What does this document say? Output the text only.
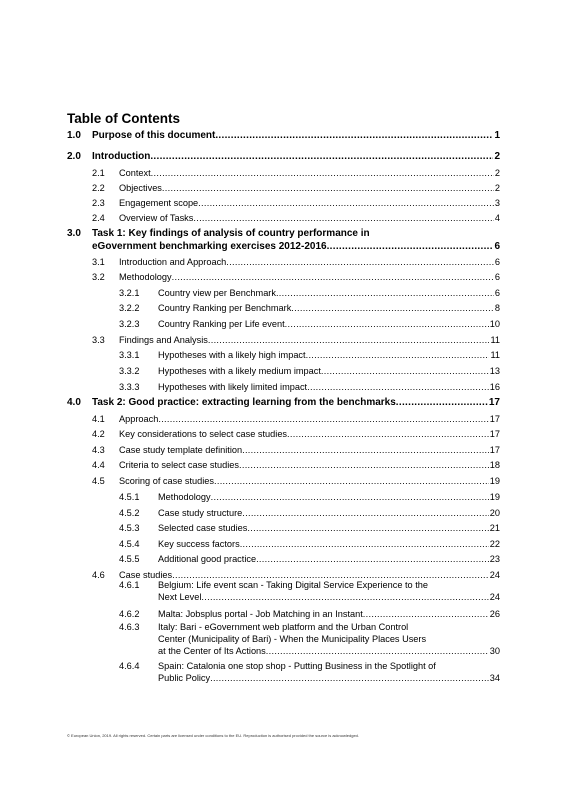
Table of Contents
1.0 Purpose of this document .....	1
2.0 Introduction .....	2
2.1 Context .....	2
2.2 Objectives .....	2
2.3 Engagement scope .....	3
2.4 Overview of Tasks .....	4
3.0 Task 1: Key findings of analysis of country performance in
eGovernment benchmarking exercises 2012-2016 .....	6
3.1 Introduction and Approach .....	6
3.2 Methodology .....	6
3.2.1 Country view per Benchmark .....	6
3.2.2 Country Ranking per Benchmark .....	8
3.2.3 Country Ranking per Life event .....	10
3.3 Findings and Analysis .....	11
3.3.1 Hypotheses with a likely high impact .....	11
3.3.2 Hypotheses with a likely medium impact .....	13
3.3.3 Hypotheses with likely limited impact .....	16
4.0 Task 2: Good practice: extracting learning from the benchmarks .....	17
4.1 Approach .....	17
4.2 Key considerations to select case studies .....	17
4.3 Case study template definition .....	17
4.4 Criteria to select case studies .....	18
4.5 Scoring of case studies .....	19
4.5.1 Methodology .....	19
4.5.2 Case study structure .....	20
4.5.3 Selected case studies .....	21
4.5.4 Key success factors .....	22
4.5.5 Additional good practice .....	23
4.6 Case studies .....	24
4.6.1 Belgium: Life event scan - Taking Digital Service Experience to the
Next Level .....	24
4.6.2 Malta: Jobsplus portal - Job Matching in an Instant .....	26
4.6.3 Italy: Bari - eGovernment web platform and the Urban Control
Center (Municipality of Bari) - When the Municipality Places Users
at the Center of Its Actions .....	30
4.6.4 Spain: Catalonia one stop shop - Putting Business in the Spotlight of
Public Policy .....	34
© European Union, 2019. All rights reserved. Certain parts are licensed under conditions to the EU. Reproduction is authorised provided the source is acknowledged.
